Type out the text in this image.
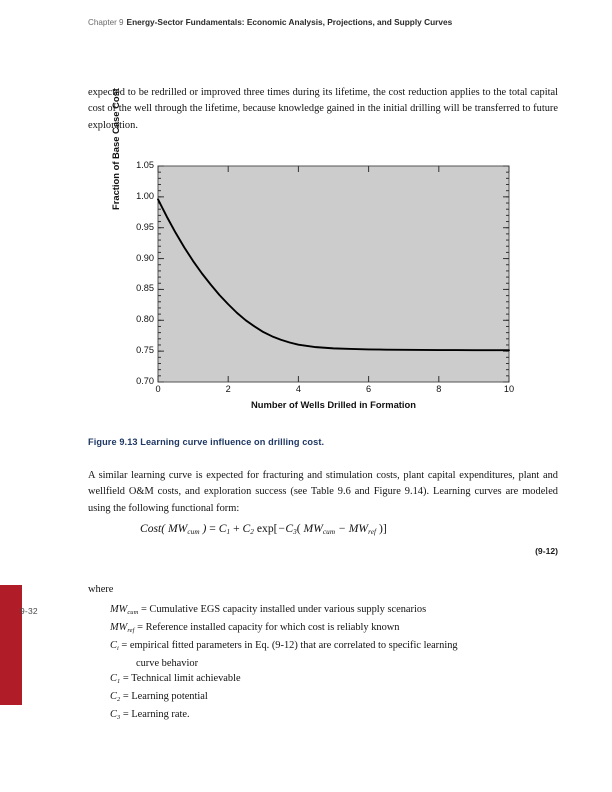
9-32
Chapter 9 Energy-Sector Fundamentals: Economic Analysis, Projections, and Supply Curves
expected to be redrilled or improved three times during its lifetime, the cost reduction applies to the total capital cost of the well through the lifetime, because knowledge gained in the initial drilling will be transferred to future exploration.
Fraction of Base Case Cost
0.70
0.75
0.80
0.85
0.90
0.95
1.00
1.05
0	2	4	6	8	10
Number of Wells Drilled in Formation
Figure 9.13 Learning curve influence on drilling cost.
A similar learning curve is expected for fracturing and stimulation costs, plant capital expenditures, plant and wellfield O&M costs, and exploration success (see Table 9.6 and Figure 9.14). Learning curves are modeled using the following functional form:
Cost( $MW_{cum}$ ) = $C_1 + C_2$ $\exp[-C_3$( $MW_{cum} - MW_{ref}$ )]
(9-12)
where
$MW_{cum}$ = Cumulative EGS capacity installed under various supply scenarios
$MW_{ref}$ = Reference installed capacity for which cost is reliably known
$C_i$ = empirical fitted parameters in Eq. (9-12) that are correlated to specific learning
curve behavior
$C_1$ = Technical limit achievable
$C_2$ = Learning potential
$C_3$ = Learning rate.
